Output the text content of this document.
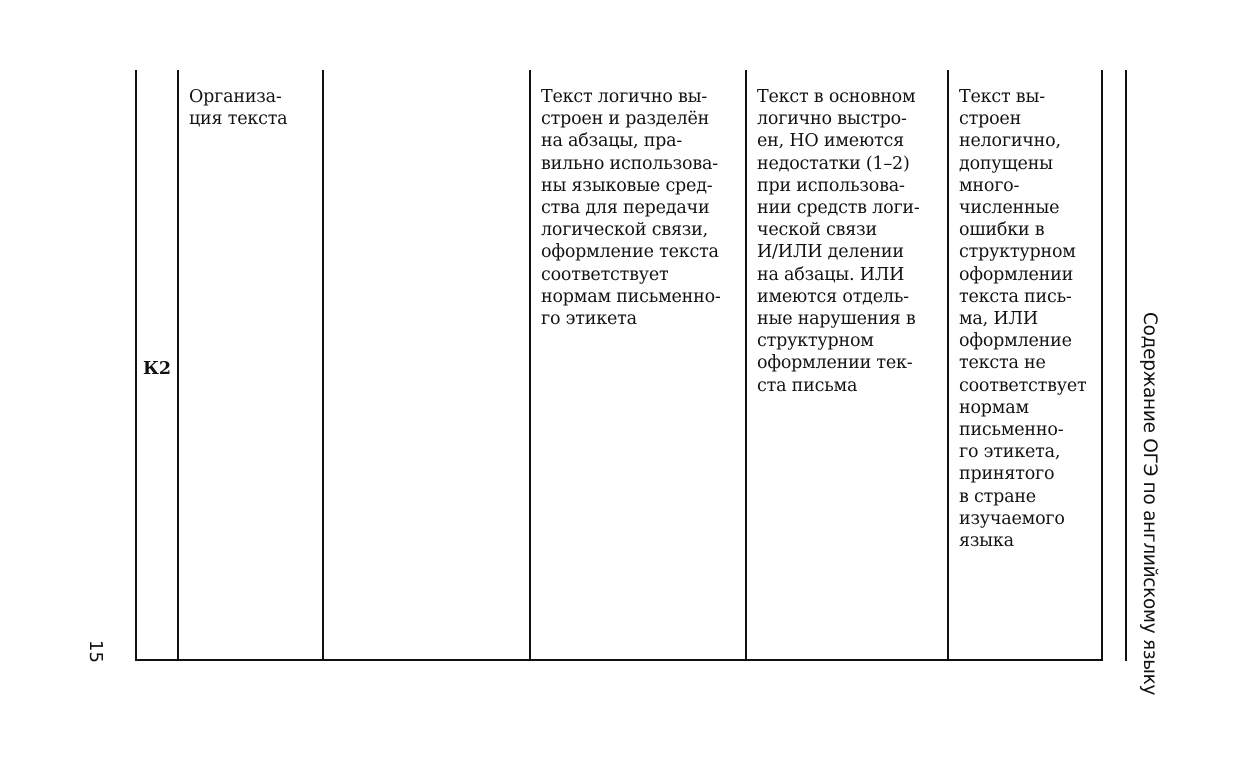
К2
Организа-
ция текста
Текст логично вы-
строен и разделён
на абзацы, пра-
вильно использова-
ны языковые сред-
ства для передачи
логической связи,
оформление текста
соответствует
нормам письменно-
го этикета
Текст в основном
логично выстро-
ен, НО имеются
недостатки (1–2)
при использова-
нии средств логи-
ческой связи
И/ИЛИ делении
на абзацы. ИЛИ
имеются отдель-
ные нарушения в
структурном
оформлении тек-
ста письма
Текст вы-
строен
нелогично,
допущены
много-
численные
ошибки в
структурном
оформлении
текста пись-
ма, ИЛИ
оформление
текста не
соответствует
нормам
письменно-
го этикета,
принятого
в стране
изучаемого
языка	Содержание ОГЭ по английскому языку
15
